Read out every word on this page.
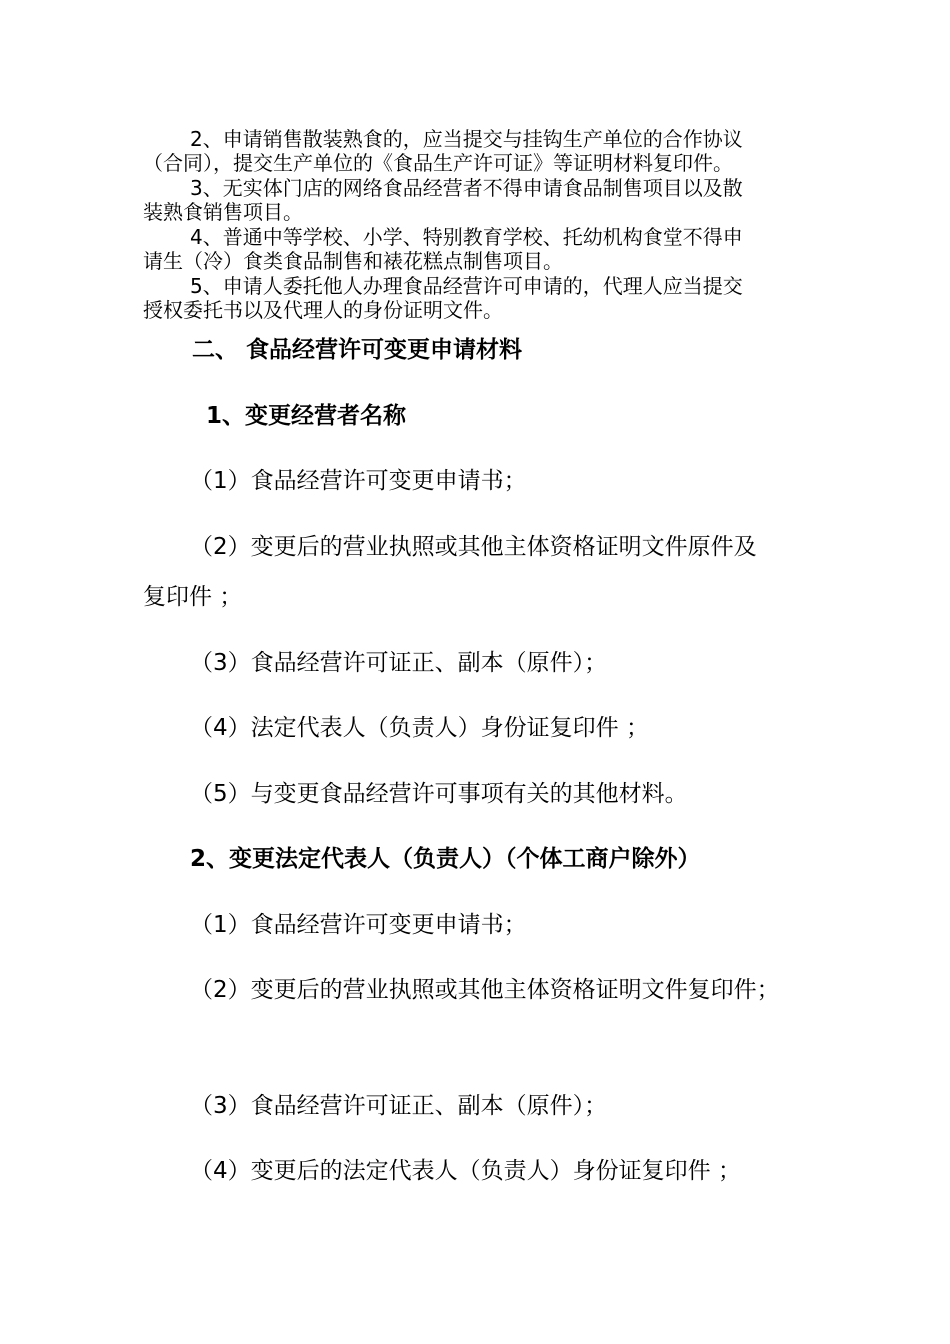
2、申请销售散装熟食的，应当提交与挂钩生产单位的合作协议

（合同），提交生产单位的《食品生产许可证》等证明材料复印件。

3、无实体门店的网络食品经营者不得申请食品制售项目以及散

装熟食销售项目。

4、普通中等学校、小学、特别教育学校、托幼机构食堂不得申

请生（冷）食类食品制售和裱花糕点制售项目。

5、申请人委托他人办理食品经营许可申请的，代理人应当提交

授权委托书以及代理人的身份证明文件。

二、 食品经营许可变更申请材料

1、变更经营者名称

（1）食品经营许可变更申请书；

（2）变更后的营业执照或其他主体资格证明文件原件及

复印件 ；

（3）食品经营许可证正、副本（原件）；

（4）法定代表人（负责人）身份证复印件 ；

（5）与变更食品经营许可事项有关的其他材料。

2、变更法定代表人（负责人）（个体工商户除外）

（1）食品经营许可变更申请书；

（2）变更后的营业执照或其他主体资格证明文件复印件；

（3）食品经营许可证正、副本（原件）；

（4）变更后的法定代表人（负责人）身份证复印件 ；
